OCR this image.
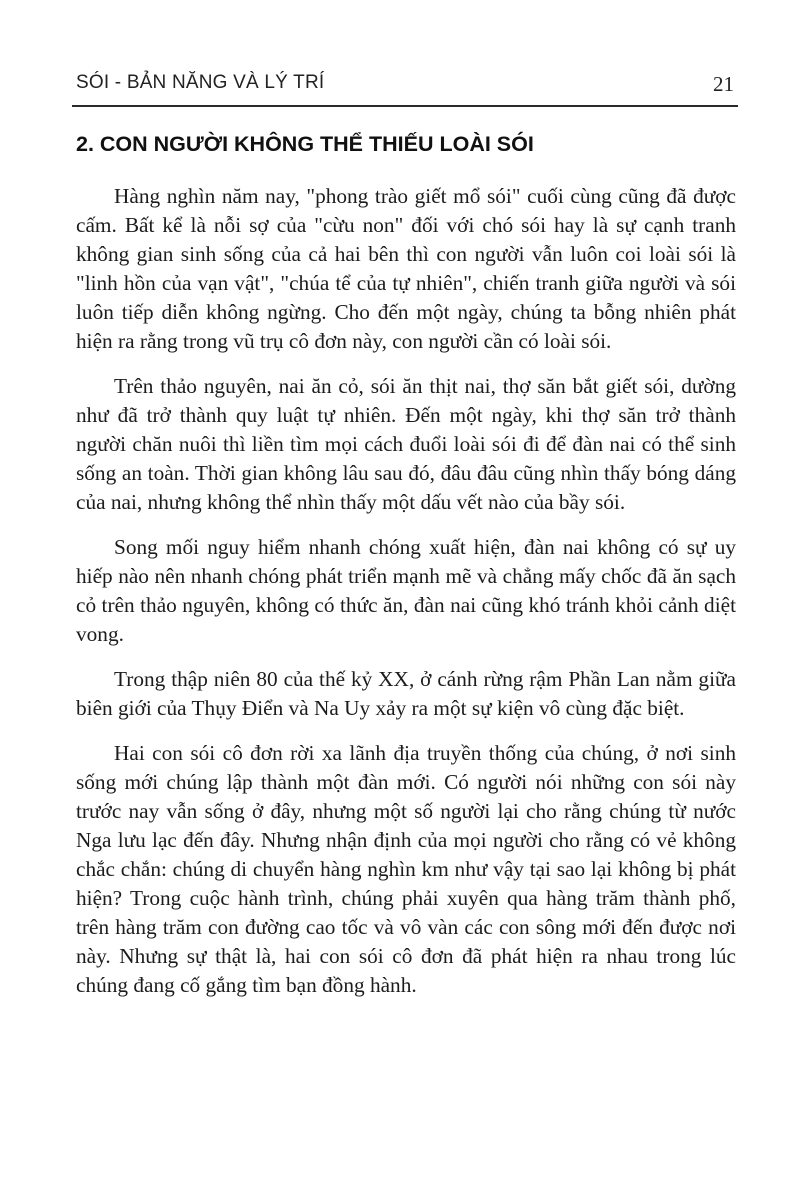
SÓI - BẢN NĂNG VÀ LÝ TRÍ	21
2. CON NGƯỜI KHÔNG THỂ THIẾU LOÀI SÓI

Hàng nghìn năm nay, "phong trào giết mổ sói" cuối cùng cũng đã được cấm. Bất kể là nỗi sợ của "cừu non" đối với chó sói hay là sự cạnh tranh không gian sinh sống của cả hai bên thì con người vẫn luôn coi loài sói là "linh hồn của vạn vật", "chúa tể của tự nhiên", chiến tranh giữa người và sói luôn tiếp diễn không ngừng. Cho đến một ngày, chúng ta bỗng nhiên phát hiện ra rằng trong vũ trụ cô đơn này, con người cần có loài sói.

Trên thảo nguyên, nai ăn cỏ, sói ăn thịt nai, thợ săn bắt giết sói, dường như đã trở thành quy luật tự nhiên. Đến một ngày, khi thợ săn trở thành người chăn nuôi thì liền tìm mọi cách đuổi loài sói đi để đàn nai có thể sinh sống an toàn. Thời gian không lâu sau đó, đâu đâu cũng nhìn thấy bóng dáng của nai, nhưng không thể nhìn thấy một dấu vết nào của bầy sói.

Song mối nguy hiểm nhanh chóng xuất hiện, đàn nai không có sự uy hiếp nào nên nhanh chóng phát triển mạnh mẽ và chẳng mấy chốc đã ăn sạch cỏ trên thảo nguyên, không có thức ăn, đàn nai cũng khó tránh khỏi cảnh diệt vong.

Trong thập niên 80 của thế kỷ XX, ở cánh rừng rậm Phần Lan nằm giữa biên giới của Thụy Điển và Na Uy xảy ra một sự kiện vô cùng đặc biệt.

Hai con sói cô đơn rời xa lãnh địa truyền thống của chúng, ở nơi sinh sống mới chúng lập thành một đàn mới. Có người nói những con sói này trước nay vẫn sống ở đây, nhưng một số người lại cho rằng chúng từ nước Nga lưu lạc đến đây. Nhưng nhận định của mọi người cho rằng có vẻ không chắc chắn: chúng di chuyển hàng nghìn km như vậy tại sao lại không bị phát hiện? Trong cuộc hành trình, chúng phải xuyên qua hàng trăm thành phố, trên hàng trăm con đường cao tốc và vô vàn các con sông mới đến được nơi này. Nhưng sự thật là, hai con sói cô đơn đã phát hiện ra nhau trong lúc chúng đang cố gắng tìm bạn đồng hành.
